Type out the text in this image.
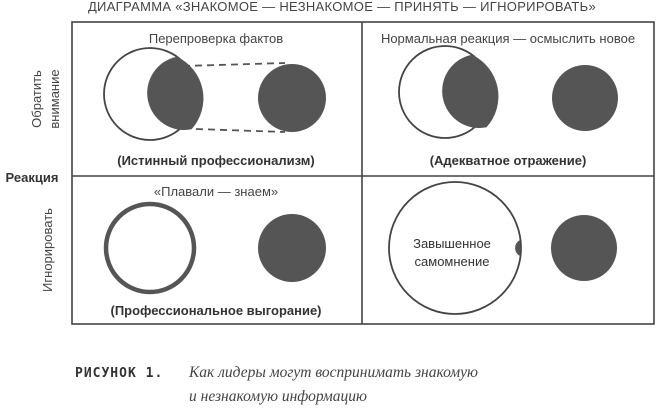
ДИАГРАММА «ЗНАКОМОЕ — НЕЗНАКОМОЕ — ПРИНЯТЬ — ИГНОРИРОВАТЬ»
Реакция
Обратить внимание
Игнорировать
Перепроверка фактов
(Истинный профессионализм)
Нормальная реакция — осмыслить новое
(Адекватное отражение)
«Плавали — знаем»
(Профессиональное выгорание)
Завышенное
самомнение
РИСУНОК 1. Как лидеры могут воспринимать знакомую
и незнакомую информацию
